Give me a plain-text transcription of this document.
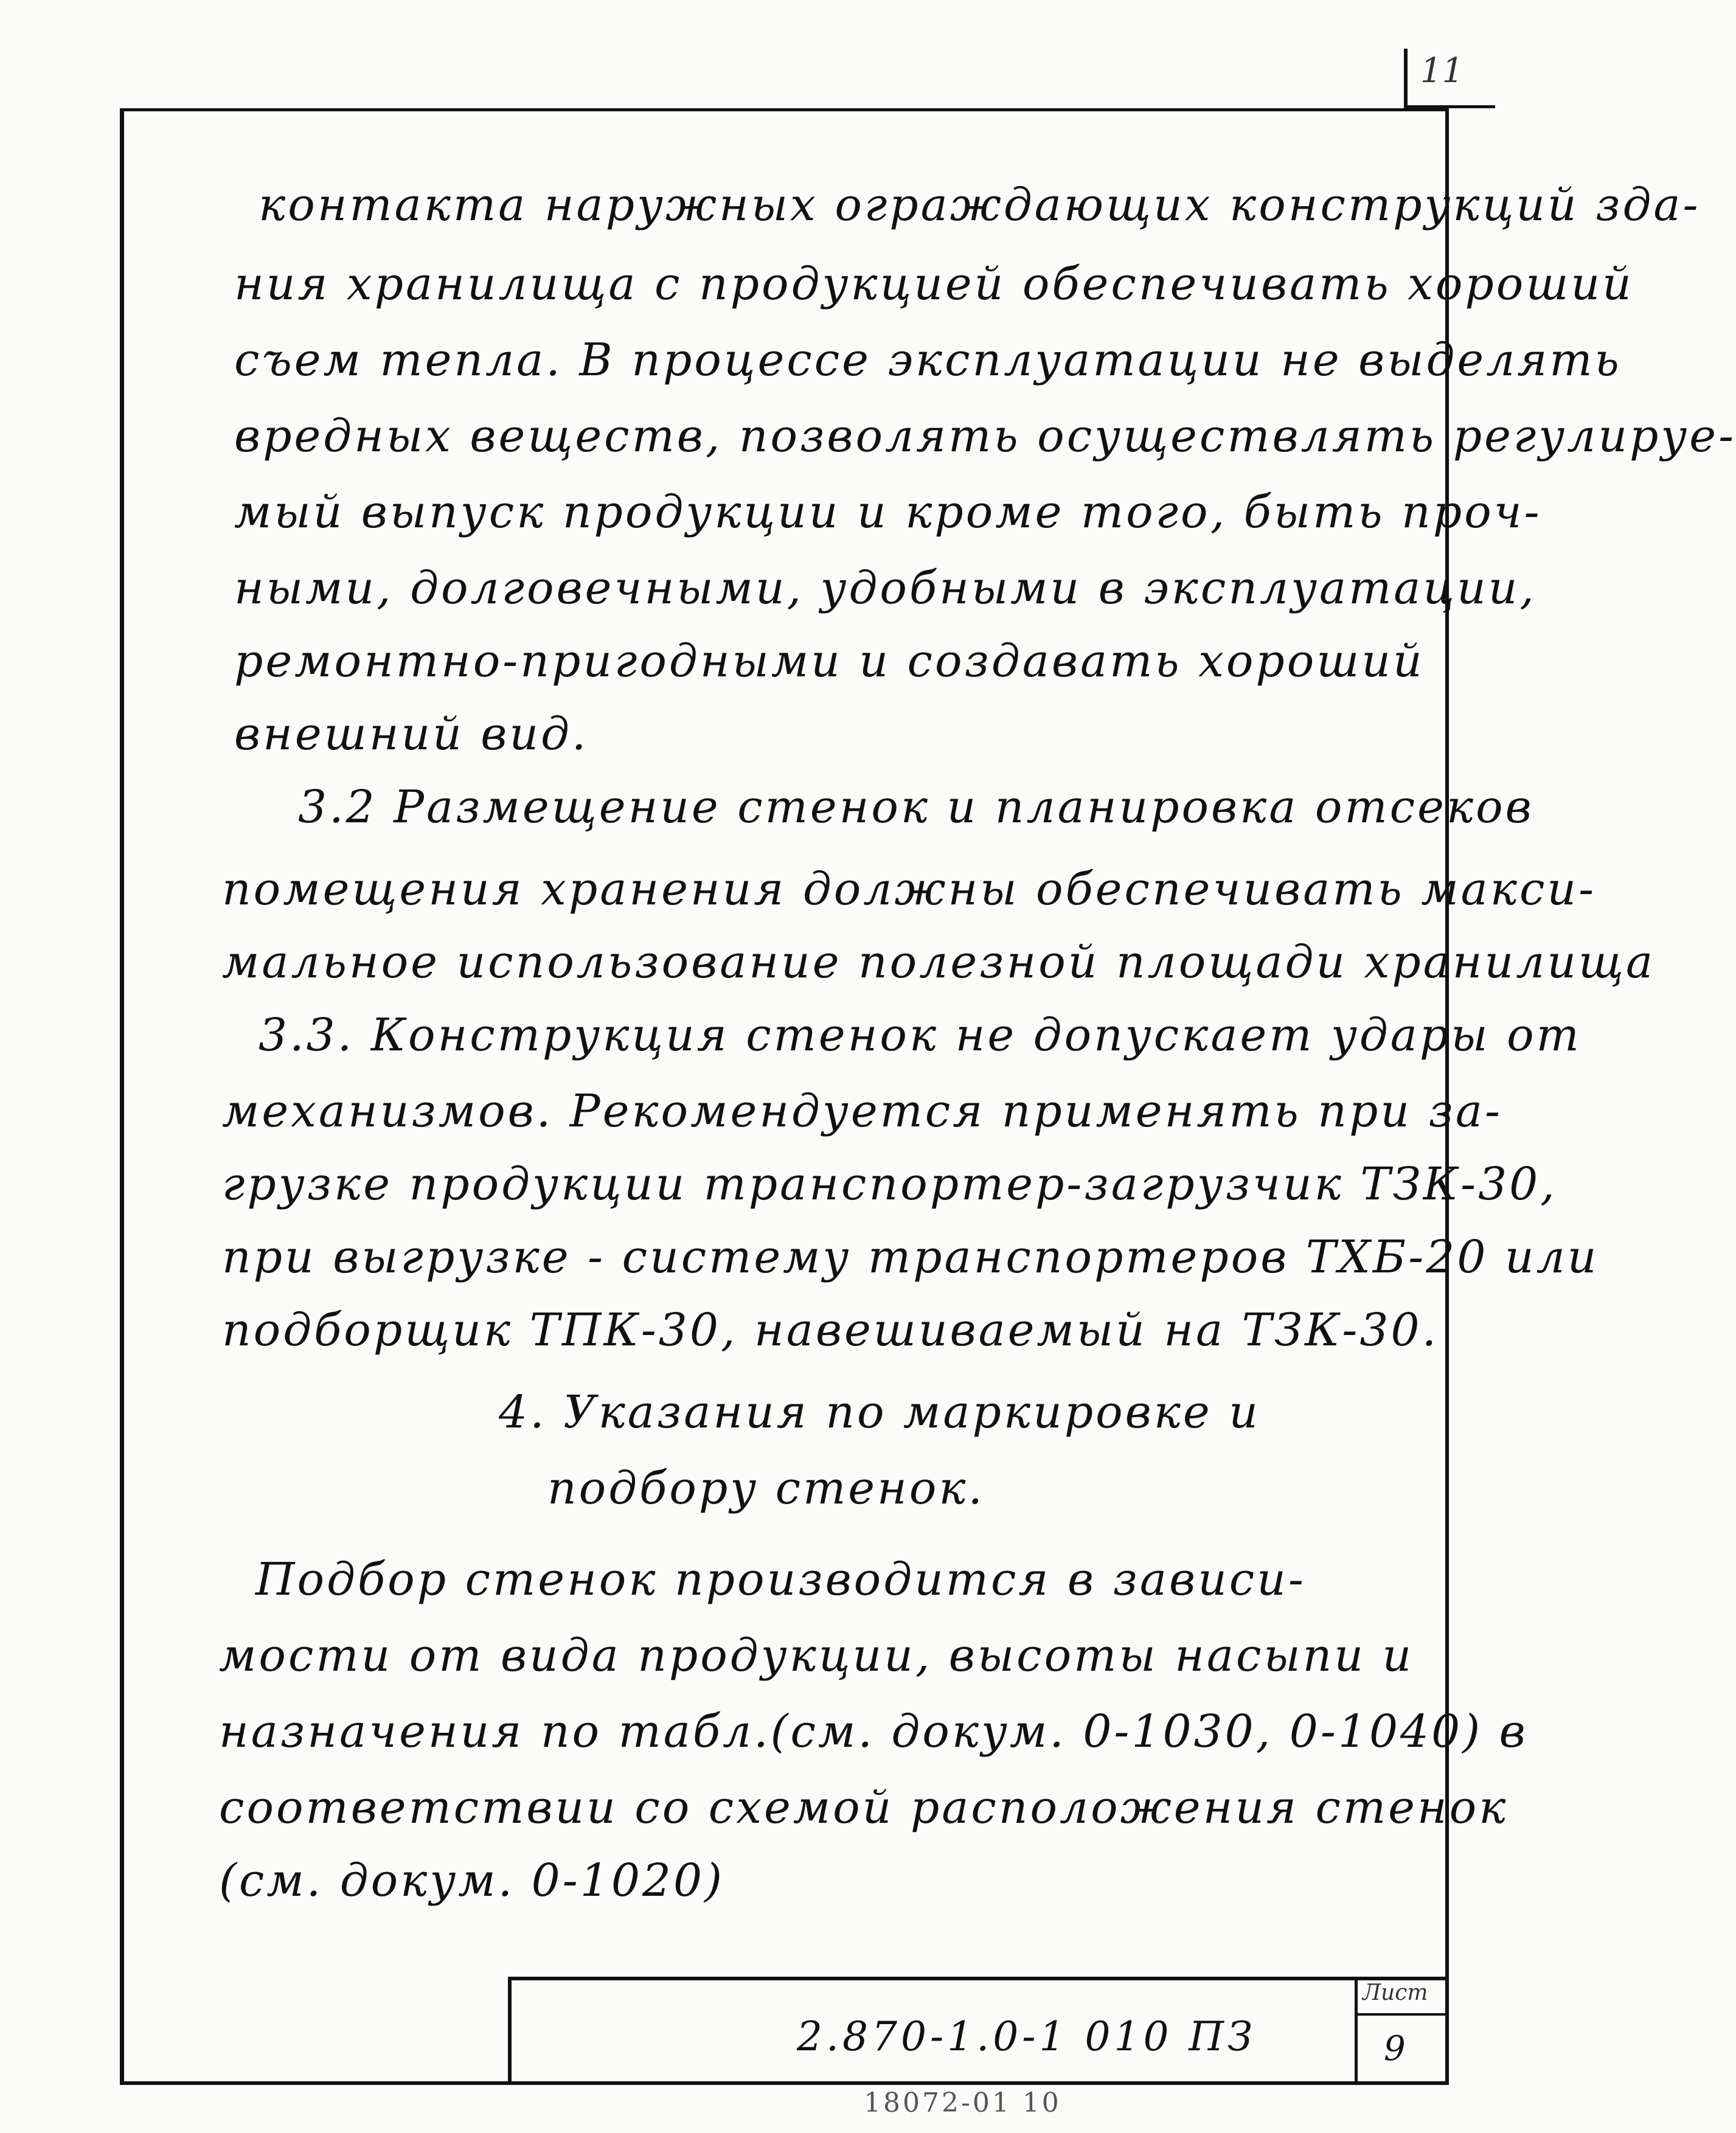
11
контакта наружных ограждающих конструкций зда-
ния хранилища с продукцией обеспечивать хороший
съем тепла. В процессе эксплуатации не выделять
вредных веществ, позволять осуществлять регулируе-
мый выпуск продукции и кроме того, быть проч-
ными, долговечными, удобными в эксплуатации,
ремонтно-пригодными и создавать хороший
внешний вид.
3.2 Размещение стенок и планировка отсеков
помещения хранения должны обеспечивать макси-
мальное использование полезной площади хранилища
3.3. Конструкция стенок не допускает удары от
механизмов. Рекомендуется применять при за-
грузке продукции транспортер-загрузчик ТЗК-30,
при выгрузке - систему транспортеров ТХБ-20 или
подборщик ТПК-30, навешиваемый на ТЗК-30.
4. Указания по маркировке и
подбору стенок.
Подбор стенок производится в зависи-
мости от вида продукции, высоты насыпи и
назначения по табл.(см. докум. 0-1030, 0-1040) в
соответствии со схемой расположения стенок
(см. докум. 0-1020)
2.870-1.0-1 010 ПЗ
Лист
9
18072-01 10
